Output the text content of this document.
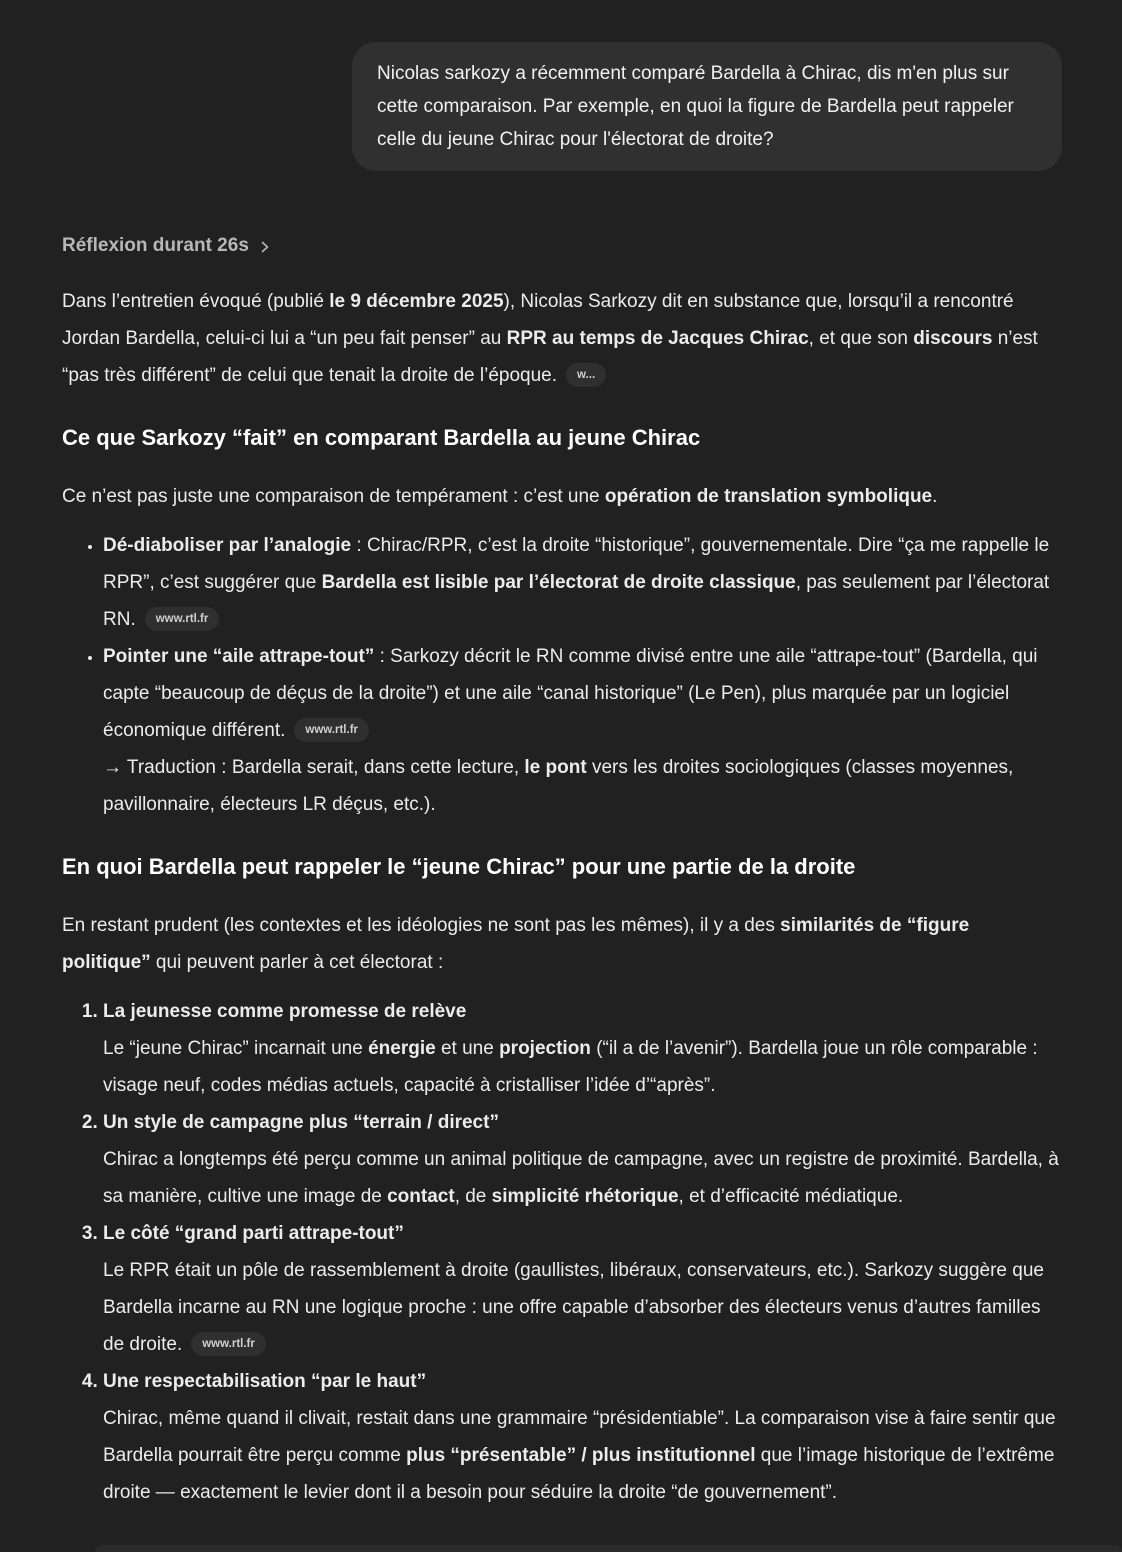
Nicolas sarkozy a récemment comparé Bardella à Chirac, dis m'en plus sur cette comparaison. Par exemple, en quoi la figure de Bardella peut rappeler celle du jeune Chirac pour l'électorat de droite?
Réflexion durant 26s

Dans l’entretien évoqué (publié le 9 décembre 2025), Nicolas Sarkozy dit en substance que, lorsqu’il a rencontré Jordan Bardella, celui-ci lui a “un peu fait penser” au RPR au temps de Jacques Chirac, et que son discours n’est “pas très différent” de celui que tenait la droite de l’époque. w...

Ce que Sarkozy “fait” en comparant Bardella au jeune Chirac

Ce n’est pas juste une comparaison de tempérament : c’est une opération de translation symbolique.

• Dé-diaboliser par l’analogie : Chirac/RPR, c’est la droite “historique”, gouvernementale. Dire “ça me rappelle le RPR”, c’est suggérer que Bardella est lisible par l’électorat de droite classique, pas seulement par l’électorat RN. www.rtl.fr
• Pointer une “aile attrape-tout” : Sarkozy décrit le RN comme divisé entre une aile “attrape-tout” (Bardella, qui capte “beaucoup de déçus de la droite”) et une aile “canal historique” (Le Pen), plus marquée par un logiciel économique différent. www.rtl.fr
→ Traduction : Bardella serait, dans cette lecture, le pont vers les droites sociologiques (classes moyennes, pavillonnaire, électeurs LR déçus, etc.).
En quoi Bardella peut rappeler le “jeune Chirac” pour une partie de la droite

En restant prudent (les contextes et les idéologies ne sont pas les mêmes), il y a des similarités de “figure politique” qui peuvent parler à cet électorat :

1. La jeunesse comme promesse de relève
Le “jeune Chirac” incarnait une énergie et une projection (“il a de l’avenir”). Bardella joue un rôle comparable : visage neuf, codes médias actuels, capacité à cristalliser l’idée d’“après”.
2. Un style de campagne plus “terrain / direct”
Chirac a longtemps été perçu comme un animal politique de campagne, avec un registre de proximité. Bardella, à sa manière, cultive une image de contact, de simplicité rhétorique, et d’efficacité médiatique.
3. Le côté “grand parti attrape-tout”
Le RPR était un pôle de rassemblement à droite (gaullistes, libéraux, conservateurs, etc.). Sarkozy suggère que Bardella incarne au RN une logique proche : une offre capable d’absorber des électeurs venus d’autres familles de droite. www.rtl.fr
4. Une respectabilisation “par le haut”
Chirac, même quand il clivait, restait dans une grammaire “présidentiable”. La comparaison vise à faire sentir que Bardella pourrait être perçu comme plus “présentable” / plus institutionnel que l’image historique de l’extrême droite — exactement le levier dont il a besoin pour séduire la droite “de gouvernement”.
